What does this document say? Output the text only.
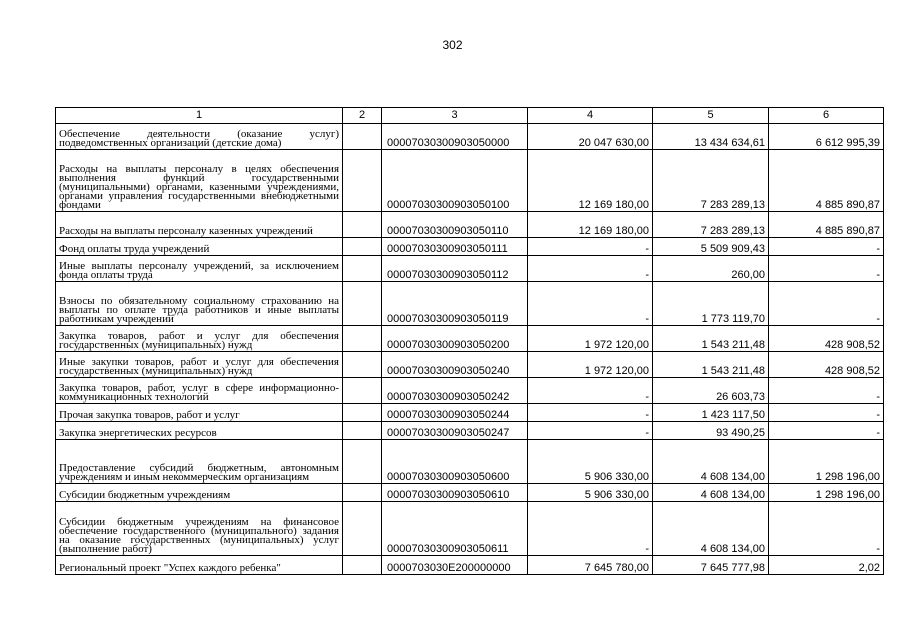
302
1	2	3	4	5	6
Обеспечение деятельности (оказание услуг) подведомственных организаций (детские дома)		00007030300903050000	20 047 630,00	13 434 634,61	6 612 995,39
Расходы на выплаты персоналу в целях обеспечения выполнения функций государственными (муниципальными) органами, казенными учреждениями, органами управления государственными внебюджетными фондами		00007030300903050100	12 169 180,00	7 283 289,13	4 885 890,87
Расходы на выплаты персоналу казенных учреждений		00007030300903050110	12 169 180,00	7 283 289,13	4 885 890,87
Фонд оплаты труда учреждений		00007030300903050111	-	5 509 909,43	-
Иные выплаты персоналу учреждений, за исключением фонда оплаты труда		00007030300903050112	-	260,00	-
Взносы по обязательному социальному страхованию на выплаты по оплате труда работников и иные выплаты работникам учреждений		00007030300903050119	-	1 773 119,70	-
Закупка товаров, работ и услуг для обеспечения государственных (муниципальных) нужд		00007030300903050200	1 972 120,00	1 543 211,48	428 908,52
Иные закупки товаров, работ и услуг для обеспечения государственных (муниципальных) нужд		00007030300903050240	1 972 120,00	1 543 211,48	428 908,52
Закупка товаров, работ, услуг в сфере информационно-коммуникационных технологий		00007030300903050242	-	26 603,73	-
Прочая закупка товаров, работ и услуг		00007030300903050244	-	1 423 117,50	-
Закупка энергетических ресурсов		00007030300903050247	-	93 490,25	-
Предоставление субсидий бюджетным, автономным учреждениям и иным некоммерческим организациям		00007030300903050600	5 906 330,00	4 608 134,00	1 298 196,00
Субсидии бюджетным учреждениям		00007030300903050610	5 906 330,00	4 608 134,00	1 298 196,00
Субсидии бюджетным учреждениям на финансовое обеспечение государственного (муниципального) задания на оказание государственных (муниципальных) услуг (выполнение работ)		00007030300903050611	-	4 608 134,00	-
Региональный проект "Успех каждого ребенка"		0000703030E200000000	7 645 780,00	7 645 777,98	2,02
